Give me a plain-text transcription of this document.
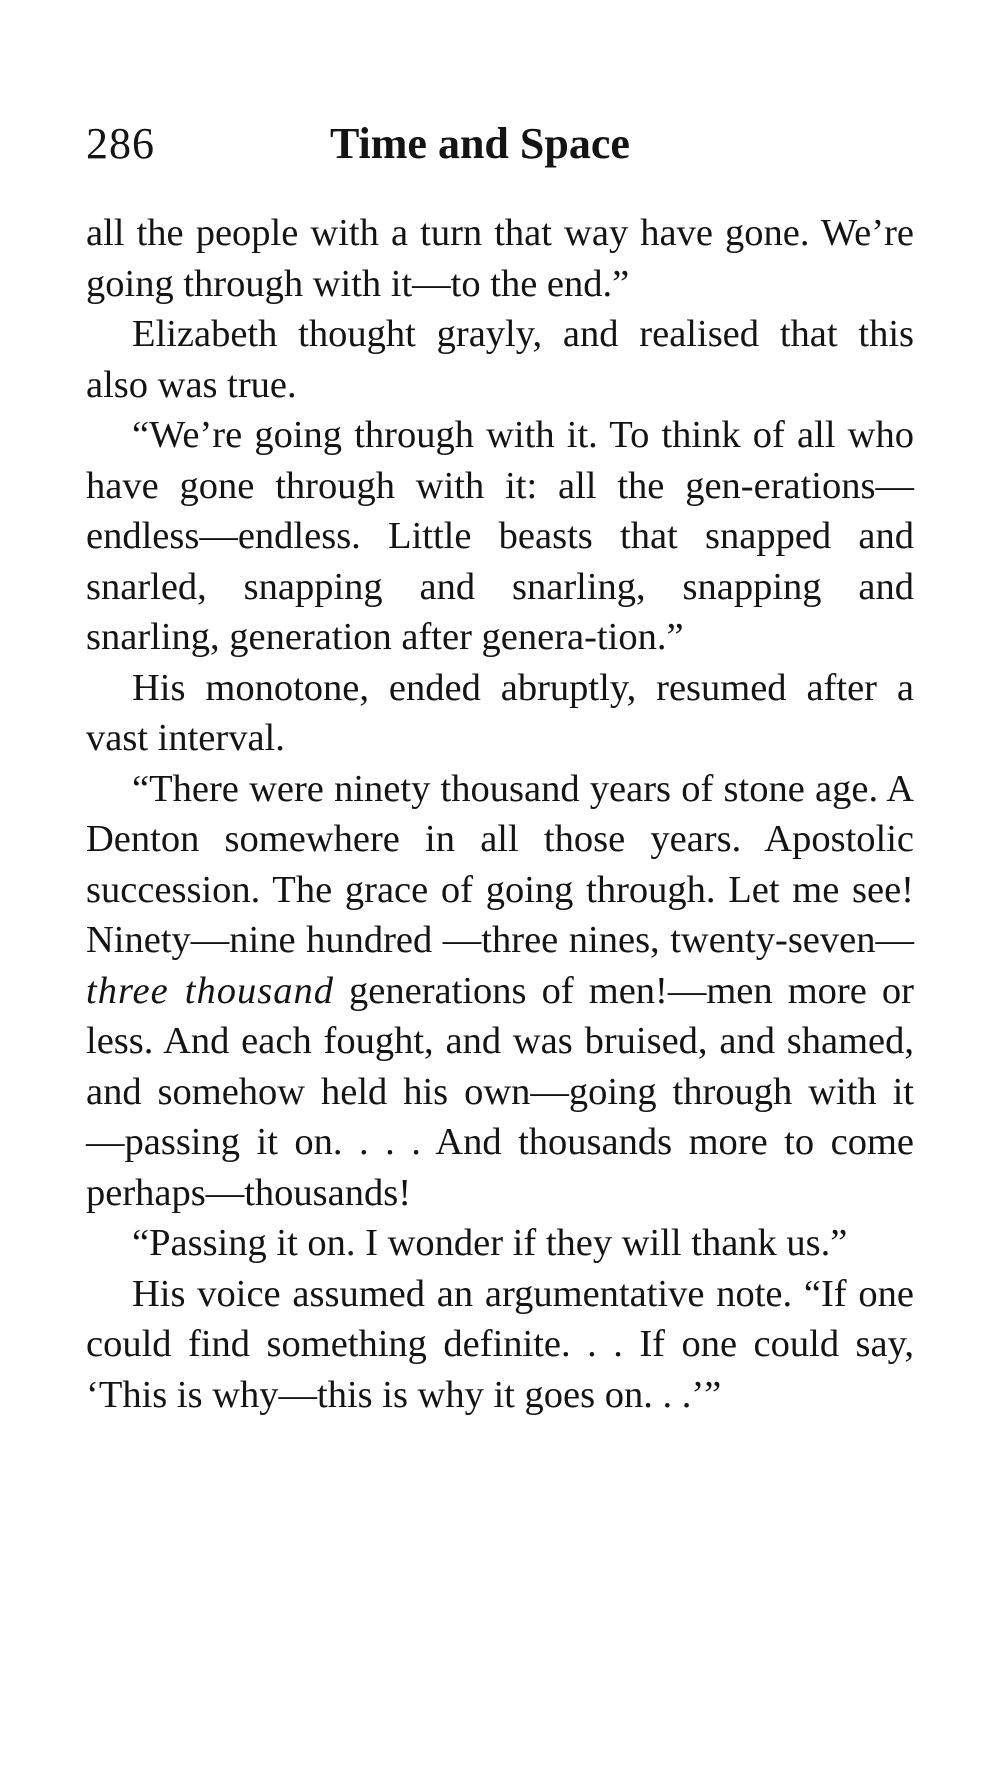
286	Time and Space

all the people with a turn that way have gone. We’re going through with it—to the end.”

Elizabeth thought grayly, and realised that this also was true.

“We’re going through with it. To think of all who have gone through with it: all the gen-erations—endless—endless. Little beasts that snapped and snarled, snapping and snarling, snapping and snarling, generation after genera-tion.”

His monotone, ended abruptly, resumed after a vast interval.

“There were ninety thousand years of stone age. A Denton somewhere in all those years. Apostolic succession. The grace of going through. Let me see! Ninety—nine hundred —three nines, twenty-seven—three thousand generations of men!—men more or less. And each fought, and was bruised, and shamed, and somehow held his own—going through with it —passing it on. . . . And thousands more to come perhaps—thousands!

“Passing it on. I wonder if they will thank us.”

His voice assumed an argumentative note. “If one could find something definite. . . If one could say, ‘This is why—this is why it goes on. . .’”
